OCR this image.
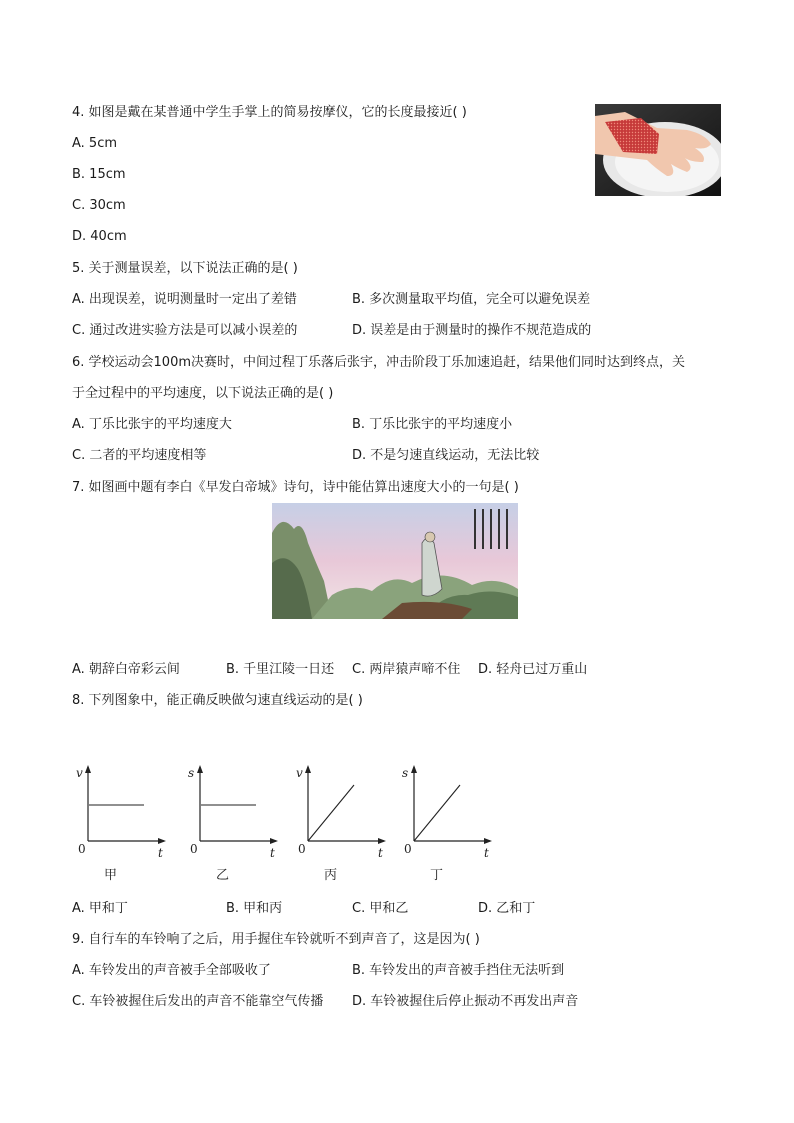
4. 如图是戴在某普通中学生手掌上的简易按摩仪，它的长度最接近( )
A. 5cm
B. 15cm
C. 30cm
D. 40cm
5. 关于测量误差，以下说法正确的是( )
A. 出现误差，说明测量时一定出了差错	B. 多次测量取平均值，完全可以避免误差
C. 通过改进实验方法是可以减小误差的	D. 误差是由于测量时的操作不规范造成的
6. 学校运动会100m决赛时，中间过程丁乐落后张宇，冲击阶段丁乐加速追赶，结果他们同时达到终点，关
于全过程中的平均速度，以下说法正确的是( )
A. 丁乐比张宇的平均速度大	B. 丁乐比张宇的平均速度小
C. 二者的平均速度相等	D. 不是匀速直线运动，无法比较
7. 如图画中题有李白《早发白帝城》诗句，诗中能估算出速度大小的一句是( )
A. 朝辞白帝彩云间	B. 千里江陵一日还 C. 两岸猿声啼不住 D. 轻舟已过万重山
8. 下列图象中，能正确反映做匀速直线运动的是( )
v
t
0
甲
s
t
0
乙
v
t
0
丙
s
t
0
丁
A. 甲和丁	B. 甲和丙	C. 甲和乙	D. 乙和丁
9. 自行车的车铃响了之后，用手握住车铃就听不到声音了，这是因为( )
A. 车铃发出的声音被手全部吸收了	B. 车铃发出的声音被手挡住无法听到
C. 车铃被握住后发出的声音不能靠空气传播 D. 车铃被握住后停止振动不再发出声音
